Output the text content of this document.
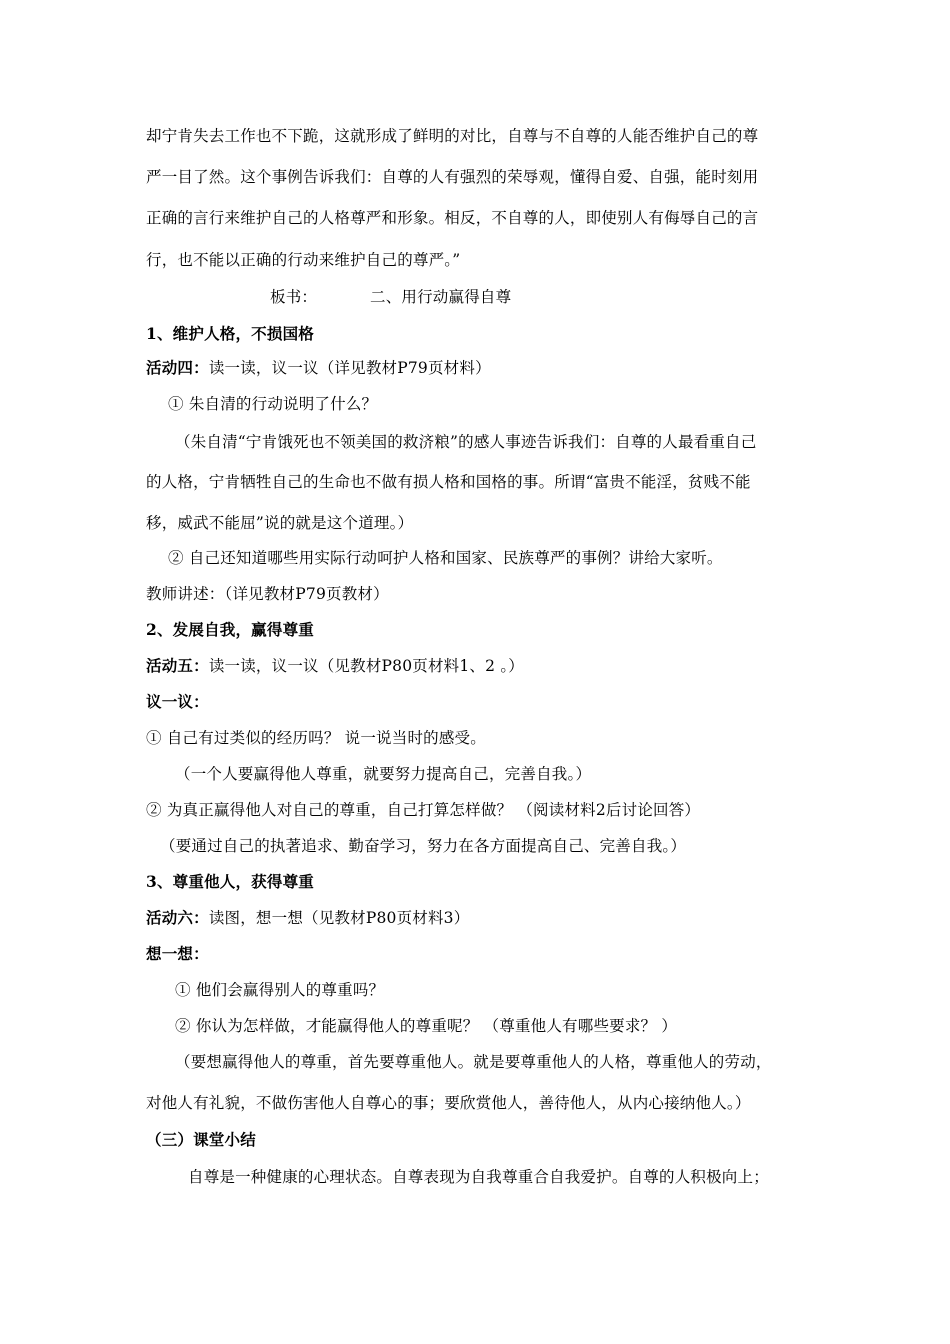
却宁肯失去工作也不下跪，这就形成了鲜明的对比，自尊与不自尊的人能否维护自己的尊
严一目了然。这个事例告诉我们：自尊的人有强烈的荣辱观，懂得自爱、自强，能时刻用
正确的言行来维护自己的人格尊严和形象。相反，不自尊的人，即使别人有侮辱自己的言
行，也不能以正确的行动来维护自己的尊严。”
板书：	二、用行动赢得自尊
1、维护人格，不损国格
活动四：读一读，议一议（详见教材P79页材料）
① 朱自清的行动说明了什么？
（朱自清“宁肯饿死也不领美国的救济粮”的感人事迹告诉我们：自尊的人最看重自己
的人格，宁肯牺牲自己的生命也不做有损人格和国格的事。所谓“富贵不能淫，贫贱不能
移，威武不能屈”说的就是这个道理。）
② 自己还知道哪些用实际行动呵护人格和国家、民族尊严的事例？讲给大家听。
教师讲述：（详见教材P79页教材）
2、发展自我，赢得尊重
活动五：读一读，议一议（见教材P80页材料1、2 。）
议一议：
① 自己有过类似的经历吗？ 说一说当时的感受。
（一个人要赢得他人尊重，就要努力提高自己，完善自我。）
② 为真正赢得他人对自己的尊重，自己打算怎样做？ （阅读材料2后讨论回答）
（要通过自己的执著追求、勤奋学习，努力在各方面提高自己、完善自我。）
3、尊重他人，获得尊重
活动六：读图，想一想（见教材P80页材料3）
想一想：
① 他们会赢得别人的尊重吗？
② 你认为怎样做，才能赢得他人的尊重呢？ （尊重他人有哪些要求？ ）
（要想赢得他人的尊重，首先要尊重他人。就是要尊重他人的人格，尊重他人的劳动，
对他人有礼貌，不做伤害他人自尊心的事；要欣赏他人，善待他人，从内心接纳他人。）
（三）课堂小结
自尊是一种健康的心理状态。自尊表现为自我尊重合自我爱护。自尊的人积极向上；
